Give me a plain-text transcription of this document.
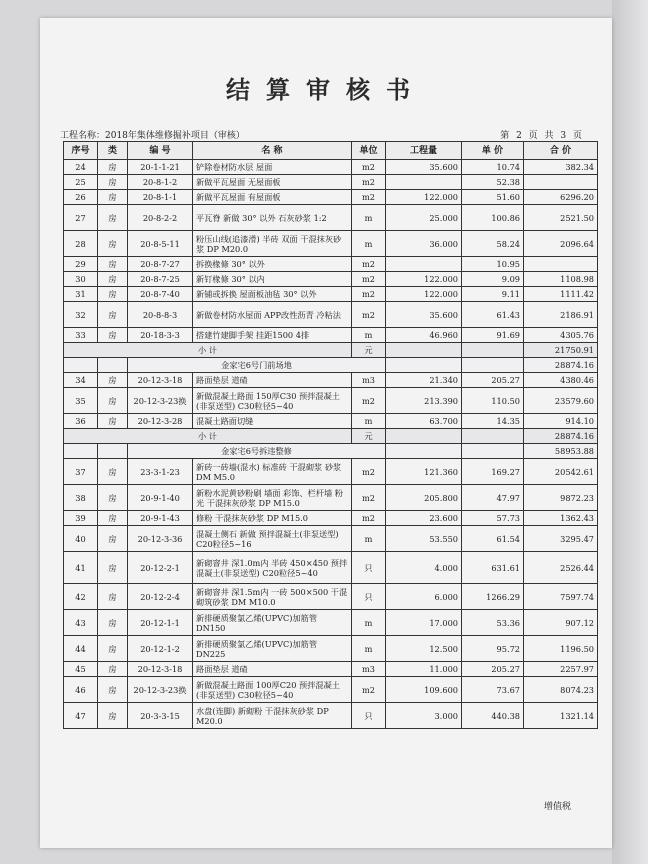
结算审核书
工程名称：2018年集体维修掘补项目（审核）	第 2 页 共 3 页
序号	类	编 号	名 称	单位	工程量	单 价	合 价
24	房	20-1-1-21	铲除卷材防水层 屋面	m2	35.600	10.74	382.34
25	房	20-8-1-2	新做平瓦屋面 无屋面板	m2		52.38	
26	房	20-8-1-1	新做平瓦屋面 有屋面板	m2	122.000	51.60	6296.20
27	房	20-8-2-2	平瓦脊 新做 30° 以外 石灰砂浆 1:2	m	25.000	100.86	2521.50
28	房	20-8-5-11	粉压山线(追漆滑) 半砖 双面 干混抹灰砂浆 DP M20.0	m	36.000	58.24	2096.64
29	房	20-8-7-27	拆换椽條 30° 以外	m2		10.95	
30	房	20-8-7-25	新钉椽條 30° 以内	m2	122.000	9.09	1108.98
31	房	20-8-7-40	新铺或拆换 屋面板油毡 30° 以外	m2	122.000	9.11	1111.42
32	房	20-8-8-3	新做卷材防水屋面 APP改性沥青 冷粘法	m2	35.600	61.43	2186.91
33	房	20-18-3-3	搭建竹建脚手架 挂距1500 4排	m	46.960	91.69	4305.76
小 计				元			21750.91
		金家宅6号门前场地					28874.16
34	房	20-12-3-18	路面垫层 道碴	m3	21.340	205.27	4380.46
35	房	20-12-3-23换	新做混凝土路面 150厚C30 预拌混凝土(非泵送型) C30粒径5~40	m2	213.390	110.50	23579.60
36	房	20-12-3-28	混凝土路面切缝	m	63.700	14.35	914.10
小 计				元			28874.16
		金家宅6号拆违整修					58953.88
37	房	23-3-1-23	新砖一砖墙(混水) 标准砖 干混砌浆 砂浆 DM M5.0	m2	121.360	169.27	20542.61
38	房	20-9-1-40	新粉水泥黄砂粉刷 墙面 彩饰、栏杆墙 粉光 干混抹灰砂浆 DP M15.0	m2	205.800	47.97	9872.23
39	房	20-9-1-43	修粉 干混抹灰砂浆 DP M15.0	m2	23.600	57.73	1362.43
40	房	20-12-3-36	混凝土侧石 新做 预拌混凝土(非泵送型) C20粒径5~16	m	53.550	61.54	3295.47
41	房	20-12-2-1	新砌窨井 深1.0m内 半砖 450×450 预拌混凝土(非泵送型) C20粒径5~40	只	4.000	631.61	2526.44
42	房	20-12-2-4	新砌窨井 深1.5m内 一砖 500×500 干混砌筑砂浆 DM M10.0	只	6.000	1266.29	7597.74
43	房	20-12-1-1	新排硬质聚氯乙烯(UPVC)加筋管 DN150	m	17.000	53.36	907.12
44	房	20-12-1-2	新排硬质聚氯乙烯(UPVC)加筋管 DN225	m	12.500	95.72	1196.50
45	房	20-12-3-18	路面垫层 道碴	m3	11.000	205.27	2257.97
46	房	20-12-3-23换	新做混凝土路面 100厚C20 预拌混凝土(非泵送型) C30粒径5~40	m2	109.600	73.67	8074.23
47	房	20-3-3-15	水盘(连脚) 新砌粉 干混抹灰砂浆 DP M20.0	只	3.000	440.38	1321.14
增值税
